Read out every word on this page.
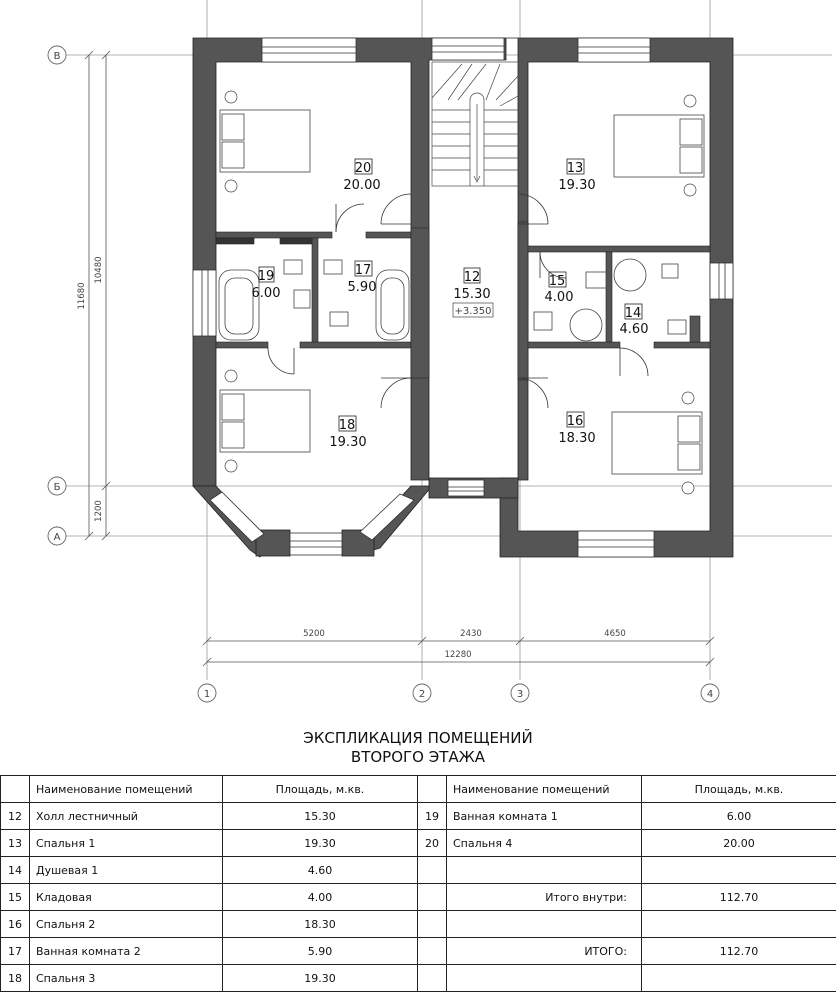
11680
10480
1200
5200	2430	4650
12280
В
Б
А
1	2	3	4
20
20.00
13
19.30
19
6.00
17
5.90
12
15.30
+3.350
15
4.00
14
4.60
18
19.30
16
18.30
ЭКСПЛИКАЦИЯ ПОМЕЩЕНИЙ
ВТОРОГО ЭТАЖА
	Наименование помещений	Площадь, м.кв.		Наименование помещений	Площадь, м.кв.
12	Холл лестничный	15.30	19	Ванная комната 1	6.00
13	Спальня 1	19.30	20	Спальня 4	20.00
14	Душевая 1	4.60			
15	Кладовая	4.00		Итого внутри:	112.70
16	Спальня 2	18.30			
17	Ванная комната 2	5.90		ИТОГО:	112.70
18	Спальня 3	19.30			
